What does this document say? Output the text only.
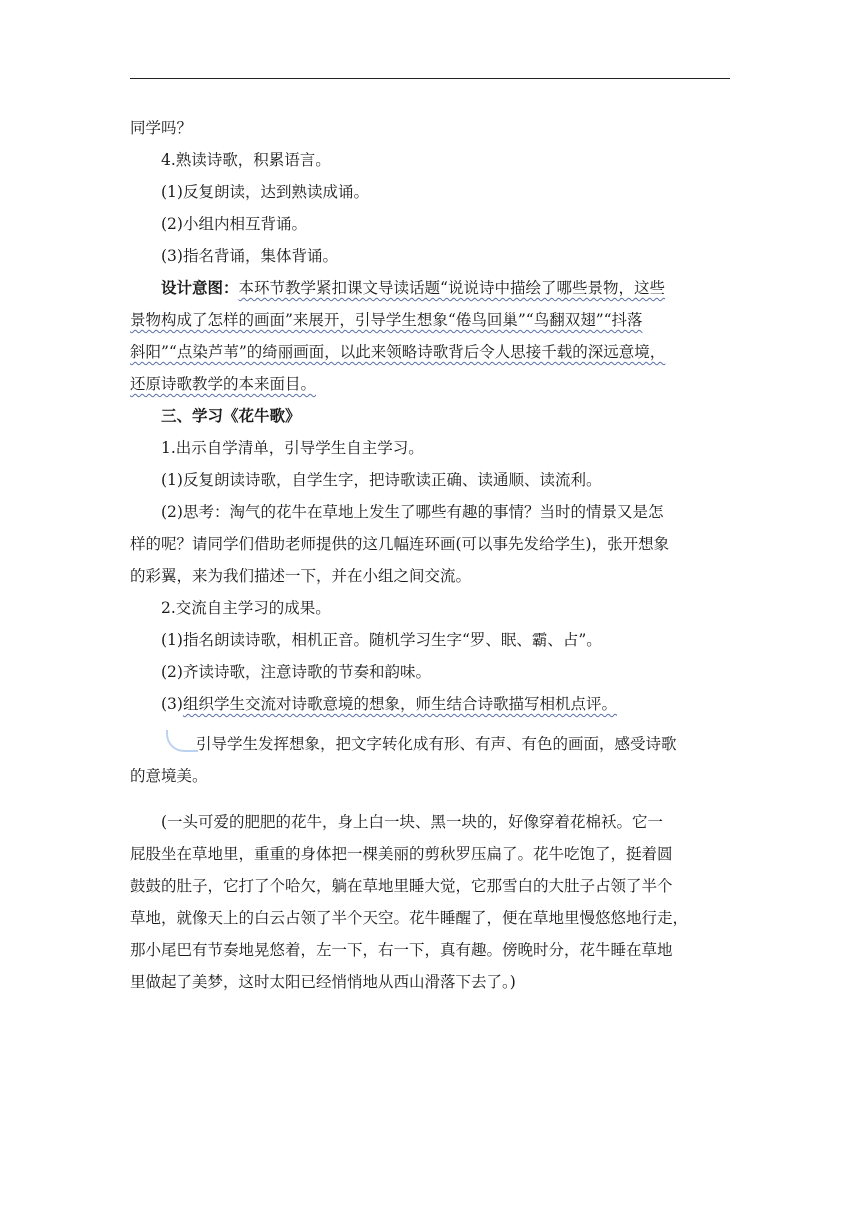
同学吗？

4.熟读诗歌，积累语言。

(1)反复朗读，达到熟读成诵。

(2)小组内相互背诵。

(3)指名背诵，集体背诵。

设计意图：本环节教学紧扣课文导读话题“说说诗中描绘了哪些景物，这些
景物构成了怎样的画面”来展开，引导学生想象“倦鸟回巢”“鸟翻双翅”“抖落
斜阳”“点染芦苇”的绮丽画面，以此来领略诗歌背后令人思接千载的深远意境，
还原诗歌教学的本来面目。

三、学习《花牛歌》

1.出示自学清单，引导学生自主学习。

(1)反复朗读诗歌，自学生字，把诗歌读正确、读通顺、读流利。

(2)思考：淘气的花牛在草地上发生了哪些有趣的事情？当时的情景又是怎

样的呢？请同学们借助老师提供的这几幅连环画(可以事先发给学生)，张开想象

的彩翼，来为我们描述一下，并在小组之间交流。

2.交流自主学习的成果。

(1)指名朗读诗歌，相机正音。随机学习生字“罗、眠、霸、占”。

(2)齐读诗歌，注意诗歌的节奏和韵味。

(3)组织学生交流对诗歌意境的想象，师生结合诗歌描写相机点评。

引导学生发挥想象，把文字转化成有形、有声、有色的画面，感受诗歌

的意境美。

(一头可爱的肥肥的花牛，身上白一块、黑一块的，好像穿着花棉袄。它一

屁股坐在草地里，重重的身体把一棵美丽的剪秋罗压扁了。花牛吃饱了，挺着圆

鼓鼓的肚子，它打了个哈欠，躺在草地里睡大觉，它那雪白的大肚子占领了半个

草地，就像天上的白云占领了半个天空。花牛睡醒了，便在草地里慢悠悠地行走，

那小尾巴有节奏地晃悠着，左一下，右一下，真有趣。傍晚时分，花牛睡在草地

里做起了美梦，这时太阳已经悄悄地从西山滑落下去了。)
